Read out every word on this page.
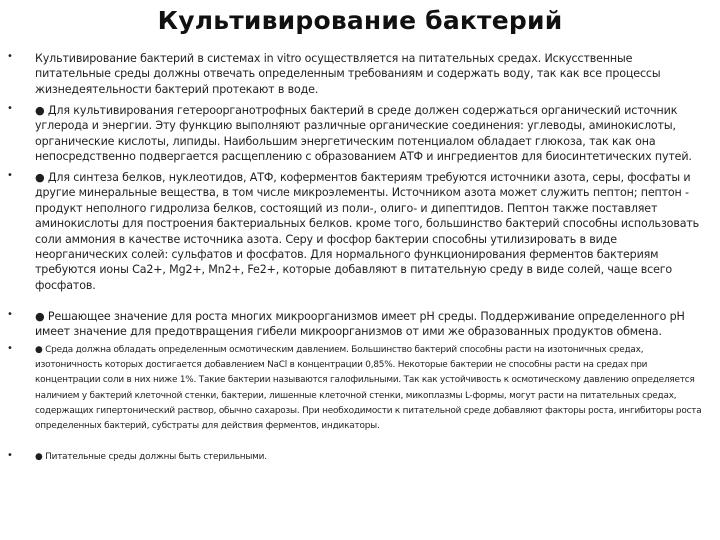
Культивирование бактерий
•	Культивирование бактерий в системах in vitro осуществляется на питательных средах. Искусственные питательные среды должны отвечать определенным требованиям и содержать воду, так как все процессы жизнедеятельности бактерий протекают в воде.

•	● Для культивирования гетероорганотрофных бактерий в среде должен содержаться органический источник углерода и энергии. Эту функцию выполняют различные органические соединения: углеводы, аминокислоты, органические кислоты, липиды. Наибольшим энергетическим потенциалом обладает глюкоза, так как она непосредственно подвергается расщеплению с образованием АТФ и ингредиентов для биосинтетических путей.

•	● Для синтеза белков, нуклеотидов, АТФ, коферментов бактериям требуются источники азота, серы, фосфаты и другие минеральные вещества, в том числе микроэлементы. Источником азота может служить пептон; пептон - продукт неполного гидролиза белков, состоящий из поли-, олиго- и дипептидов. Пептон также поставляет аминокислоты для построения бактериальных белков. кроме того, большинство бактерий способны использовать соли аммония в качестве источника азота. Серу и фосфор бактерии способны утилизировать в виде неорганических солей: сульфатов и фосфатов. Для нормального функционирования ферментов бактериям требуются ионы Са2+, Мg2+, Mn2+, Fe2+, которые добавляют в питательную среду в виде солей, чаще всего фосфатов.

•	● Решающее значение для роста многих микроорганизмов имеет рН среды. Поддерживание определенного рН имеет значение для предотвращения гибели микроорганизмов от ими же образованных продуктов обмена.

•	● Среда должна обладать определенным осмотическим давлением. Большинство бактерий способны расти на изотоничных средах, изотоничность которых достигается добавлением NaCl в концентрации 0,85%. Некоторые бактерии не способны расти на средах при концентрации соли в них ниже 1%. Такие бактерии называются галофильными. Так как устойчивость к осмотическому давлению определяется наличием у бактерий клеточной стенки, бактерии, лишенные клеточной стенки, микоплазмы L-формы, могут расти на питательных средах, содержащих гипертонический раствор, обычно сахарозы. При необходимости к питательной среде добавляют факторы роста, ингибиторы роста определенных бактерий, субстраты для действия ферментов, индикаторы.

•	● Питательные среды должны быть стерильными.
